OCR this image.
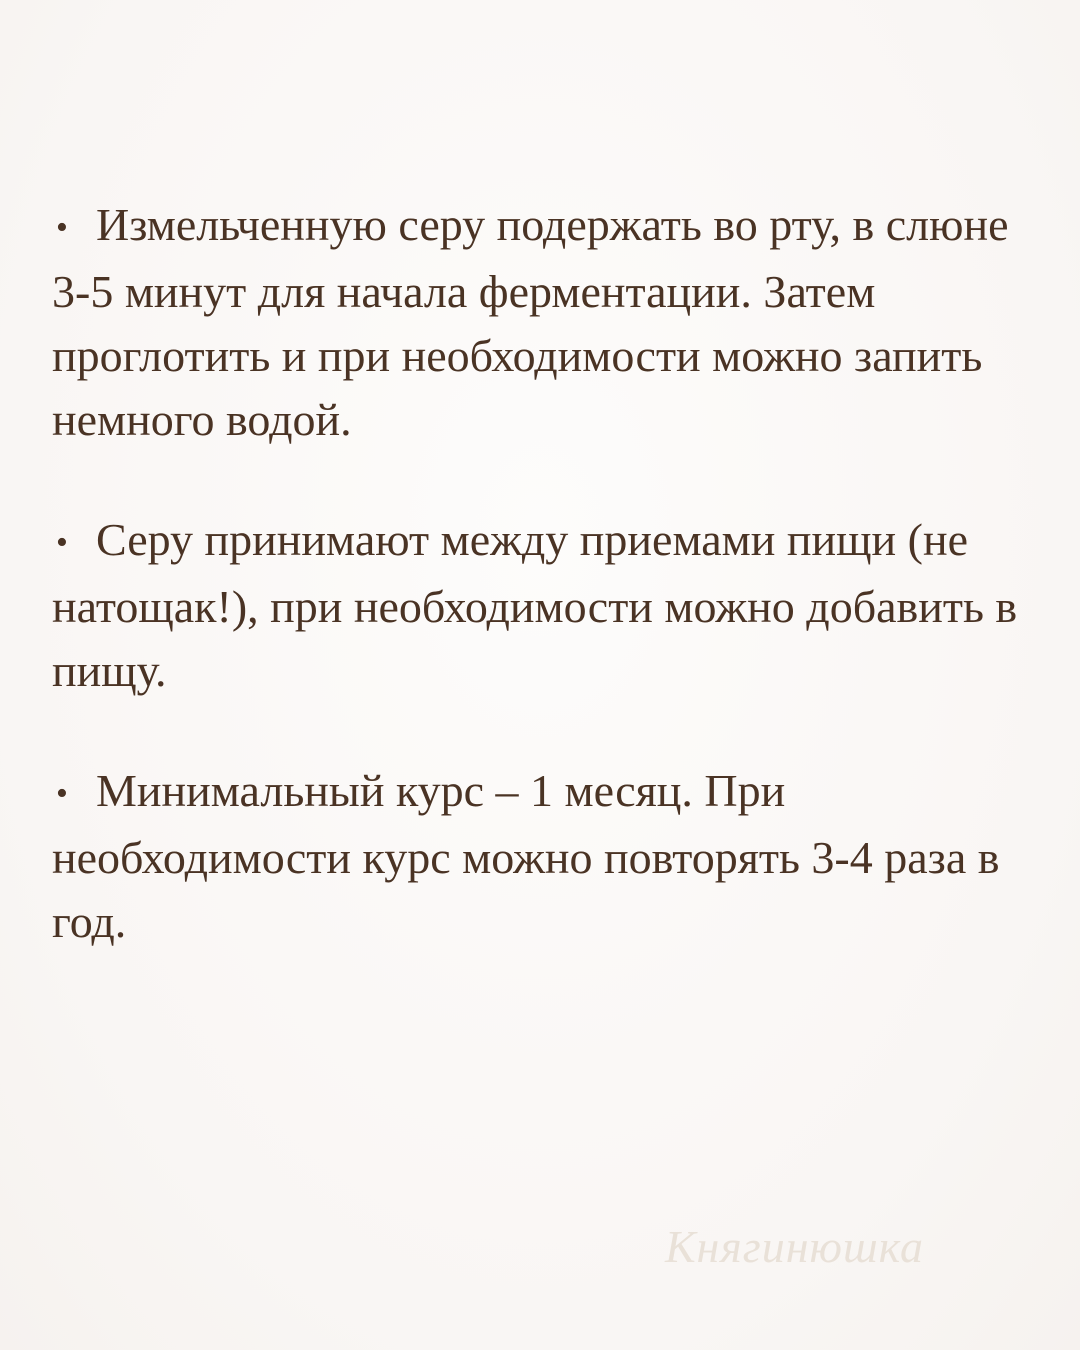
• Измельченную серу подержать во рту, в слюне 3-5 минут для начала ферментации. Затем проглотить и при необходимости можно запить немного водой.
• Серу принимают между приемами пищи (не натощак!), при необходимости можно добавить в пищу.
• Минимальный курс – 1 месяц. При необходимости курс можно повторять 3-4 раза в год.
Княгинюшка
